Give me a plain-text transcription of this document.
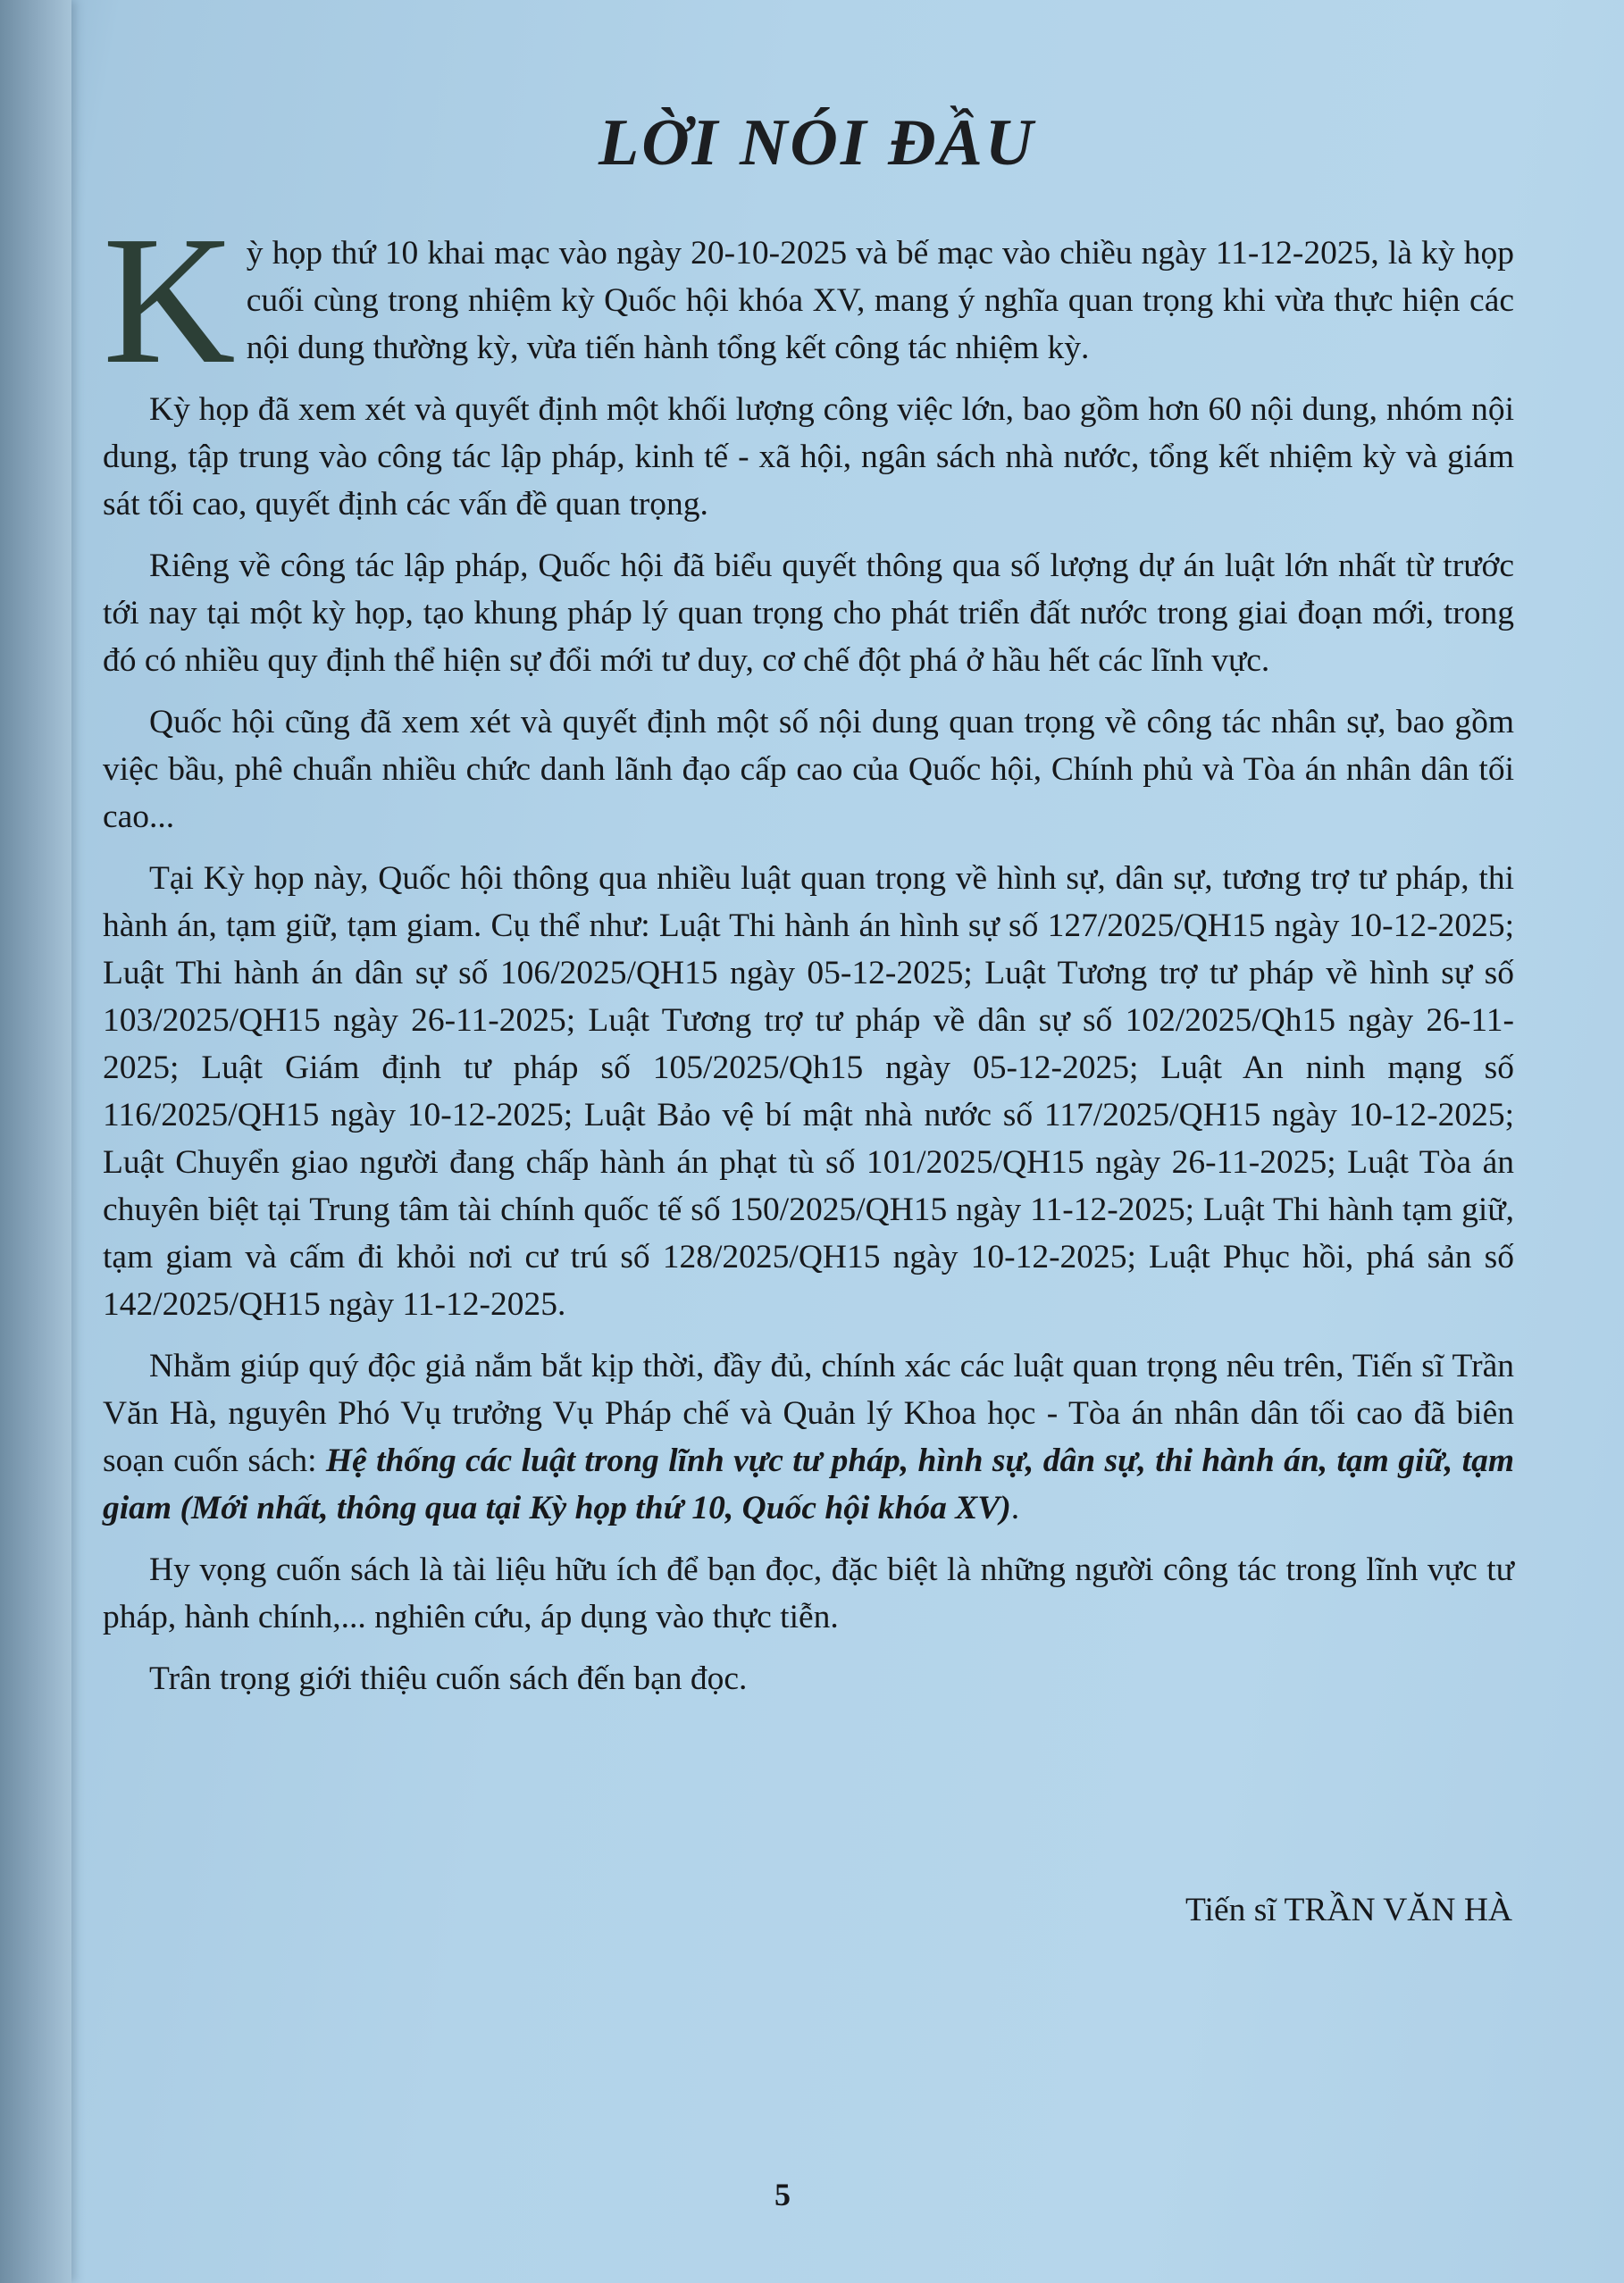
LỜI NÓI ĐẦU

Kỳ họp thứ 10 khai mạc vào ngày 20-10-2025 và bế mạc vào chiều ngày 11-12-2025, là kỳ họp cuối cùng trong nhiệm kỳ Quốc hội khóa XV, mang ý nghĩa quan trọng khi vừa thực hiện các nội dung thường kỳ, vừa tiến hành tổng kết công tác nhiệm kỳ.

Kỳ họp đã xem xét và quyết định một khối lượng công việc lớn, bao gồm hơn 60 nội dung, nhóm nội dung, tập trung vào công tác lập pháp, kinh tế - xã hội, ngân sách nhà nước, tổng kết nhiệm kỳ và giám sát tối cao, quyết định các vấn đề quan trọng.

Riêng về công tác lập pháp, Quốc hội đã biểu quyết thông qua số lượng dự án luật lớn nhất từ trước tới nay tại một kỳ họp, tạo khung pháp lý quan trọng cho phát triển đất nước trong giai đoạn mới, trong đó có nhiều quy định thể hiện sự đổi mới tư duy, cơ chế đột phá ở hầu hết các lĩnh vực.

Quốc hội cũng đã xem xét và quyết định một số nội dung quan trọng về công tác nhân sự, bao gồm việc bầu, phê chuẩn nhiều chức danh lãnh đạo cấp cao của Quốc hội, Chính phủ và Tòa án nhân dân tối cao...

Tại Kỳ họp này, Quốc hội thông qua nhiều luật quan trọng về hình sự, dân sự, tương trợ tư pháp, thi hành án, tạm giữ, tạm giam. Cụ thể như: Luật Thi hành án hình sự số 127/2025/QH15 ngày 10-12-2025; Luật Thi hành án dân sự số 106/2025/QH15 ngày 05-12-2025; Luật Tương trợ tư pháp về hình sự số 103/2025/QH15 ngày 26-11-2025; Luật Tương trợ tư pháp về dân sự số 102/2025/Qh15 ngày 26-11-2025; Luật Giám định tư pháp số 105/2025/Qh15 ngày 05-12-2025; Luật An ninh mạng số 116/2025/QH15 ngày 10-12-2025; Luật Bảo vệ bí mật nhà nước số 117/2025/QH15 ngày 10-12-2025; Luật Chuyển giao người đang chấp hành án phạt tù số 101/2025/QH15 ngày 26-11-2025; Luật Tòa án chuyên biệt tại Trung tâm tài chính quốc tế số 150/2025/QH15 ngày 11-12-2025; Luật Thi hành tạm giữ, tạm giam và cấm đi khỏi nơi cư trú số 128/2025/QH15 ngày 10-12-2025; Luật Phục hồi, phá sản số 142/2025/QH15 ngày 11-12-2025.

Nhằm giúp quý độc giả nắm bắt kịp thời, đầy đủ, chính xác các luật quan trọng nêu trên, Tiến sĩ Trần Văn Hà, nguyên Phó Vụ trưởng Vụ Pháp chế và Quản lý Khoa học - Tòa án nhân dân tối cao đã biên soạn cuốn sách: Hệ thống các luật trong lĩnh vực tư pháp, hình sự, dân sự, thi hành án, tạm giữ, tạm giam (Mới nhất, thông qua tại Kỳ họp thứ 10, Quốc hội khóa XV).

Hy vọng cuốn sách là tài liệu hữu ích để bạn đọc, đặc biệt là những người công tác trong lĩnh vực tư pháp, hành chính,... nghiên cứu, áp dụng vào thực tiễn.

Trân trọng giới thiệu cuốn sách đến bạn đọc.

Tiến sĩ TRẦN VĂN HÀ
5
